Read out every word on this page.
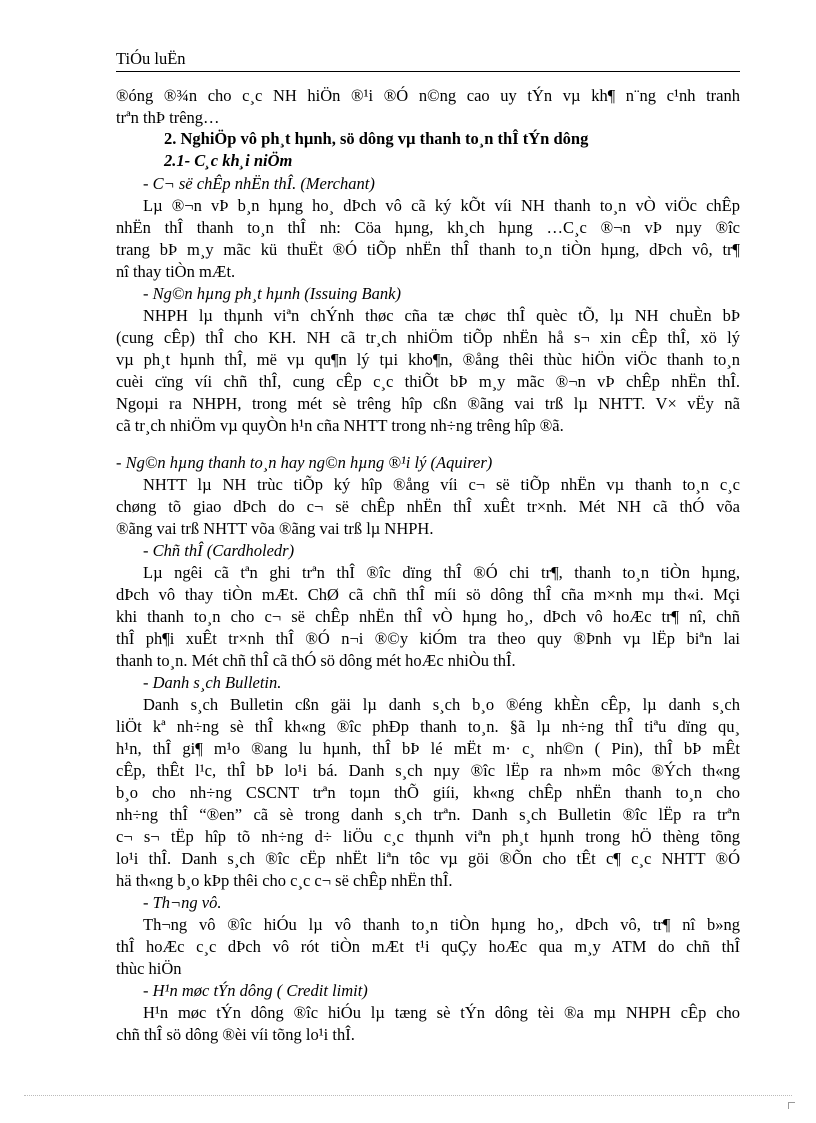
TiÓu luËn
®óng ®¾n cho c¸c NH hiÖn ®¹i ®Ó n©ng cao uy tÝn vµ kh¶ n¨ng c¹nh tranh
trªn thÞ trêng…
2. NghiÖp vô ph¸t hµnh, sö dông vµ thanh to¸n thÎ tÝn dông
2.1- C¸c kh¸i niÖm
- C¬ së chÊp nhËn thÎ. (Merchant)
Lµ ®¬n vÞ b¸n hµng ho¸ dÞch vô cã ký kÕt víi NH thanh to¸n vÒ viÖc chÊp
nhËn thÎ thanh to¸n thÎ nh: Cöa hµng, kh¸ch hµng …C¸c ®¬n vÞ nµy ®îc
trang bÞ m¸y mãc kü thuËt ®Ó tiÕp nhËn thÎ thanh to¸n tiÒn hµng, dÞch vô, tr¶
nî thay tiÒn mÆt.
- Ng©n hµng ph¸t hµnh (Issuing Bank)
NHPH lµ thµnh viªn chÝnh thøc cña tæ chøc thÎ quèc tÕ, lµ NH chuÈn bÞ
(cung cÊp) thÎ cho KH. NH cã tr¸ch nhiÖm tiÕp nhËn hå s¬ xin cÊp thÎ, xö lý
vµ ph¸t hµnh thÎ, më vµ qu¶n lý tµi kho¶n, ®ång thêi thùc hiÖn viÖc thanh to¸n
cuèi cïng víi chñ thÎ, cung cÊp c¸c thiÕt bÞ m¸y mãc ®¬n vÞ chÊp nhËn thÎ.
Ngoµi ra NHPH, trong mét sè trêng hîp cßn ®ãng vai trß lµ NHTT. V× vËy nã
cã tr¸ch nhiÖm vµ quyÒn h¹n cña NHTT trong nh÷ng trêng hîp ®ã.
- Ng©n hµng thanh to¸n hay ng©n hµng ®¹i lý (Aquirer)
NHTT lµ NH trùc tiÕp ký hîp ®ång víi c¬ së tiÕp nhËn vµ thanh to¸n c¸c
chøng tõ giao dÞch do c¬ së chÊp nhËn thÎ xuÊt tr×nh. Mét NH cã thÓ võa
®ãng vai trß NHTT võa ®ãng vai trß lµ NHPH.
- Chñ thÎ (Cardholedr)
Lµ ngêi cã tªn ghi trªn thÎ ®îc dïng thÎ ®Ó chi tr¶, thanh to¸n tiÒn hµng,
dÞch vô thay tiÒn mÆt. ChØ cã chñ thÎ míi sö dông thÎ cña m×nh mµ th«i. Mçi
khi thanh to¸n cho c¬ së chÊp nhËn thÎ vÒ hµng ho¸, dÞch vô hoÆc tr¶ nî, chñ
thÎ ph¶i xuÊt tr×nh thÎ ®Ó n¬i ®©y kiÓm tra theo quy ®Þnh vµ lËp biªn lai
thanh to¸n. Mét chñ thÎ cã thÓ sö dông mét hoÆc nhiÒu thÎ.
- Danh s¸ch Bulletin.
Danh s¸ch Bulletin cßn gäi lµ danh s¸ch b¸o ®éng khÈn cÊp, lµ danh s¸ch
liÖt kª nh÷ng sè thÎ kh«ng ®îc phÐp thanh to¸n. §ã lµ nh÷ng thÎ tiªu dïng qu¸
h¹n, thÎ gi¶ m¹o ®ang lu hµnh, thÎ bÞ lé mËt m· c¸ nh©n ( Pin), thÎ bÞ mÊt
cÊp, thÊt l¹c, thÎ bÞ lo¹i bá. Danh s¸ch nµy ®îc lËp ra nh»m môc ®Ých th«ng
b¸o cho nh÷ng CSCNT trªn toµn thÕ giíi, kh«ng chÊp nhËn thanh to¸n cho
nh÷ng thÎ “®en” cã sè trong danh s¸ch trªn. Danh s¸ch Bulletin ®îc lËp ra trªn
c¬ s¬ tËp hîp tõ nh÷ng d÷ liÖu c¸c thµnh viªn ph¸t hµnh trong hÖ thèng tõng
lo¹i thÎ. Danh s¸ch ®îc cËp nhËt liªn tôc vµ göi ®Õn cho tÊt c¶ c¸c NHTT ®Ó
hä th«ng b¸o kÞp thêi cho c¸c c¬ së chÊp nhËn thÎ.
- Th¬ng vô.
Th¬ng vô ®îc hiÓu lµ vô thanh to¸n tiÒn hµng ho¸, dÞch vô, tr¶ nî b»ng
thÎ hoÆc c¸c dÞch vô rót tiÒn mÆt t¹i quÇy hoÆc qua m¸y ATM do chñ thÎ
thùc hiÖn
- H¹n møc tÝn dông ( Credit limit)
H¹n møc tÝn dông ®îc hiÓu lµ tæng sè tÝn dông tèi ®a mµ NHPH cÊp cho
chñ thÎ sö dông ®èi víi tõng lo¹i thÎ.
